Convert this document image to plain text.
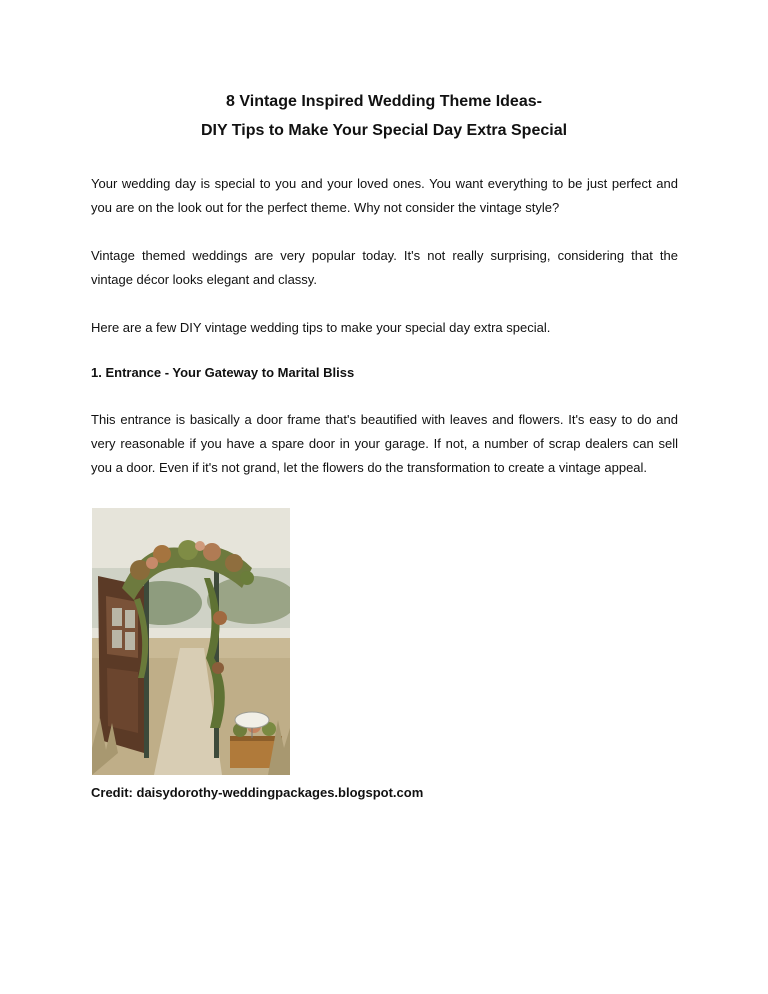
8 Vintage Inspired Wedding Theme Ideas-
DIY Tips to Make Your Special Day Extra Special

Your wedding day is special to you and your loved ones. You want everything to be just perfect and you are on the look out for the perfect theme. Why not consider the vintage style?

Vintage themed weddings are very popular today. It's not really surprising, considering that the vintage décor looks elegant and classy.

Here are a few DIY vintage wedding tips to make your special day extra special.

1. Entrance - Your Gateway to Marital Bliss

This entrance is basically a door frame that's beautified with leaves and flowers. It's easy to do and very reasonable if you have a spare door in your garage. If not, a number of scrap dealers can sell you a door. Even if it's not grand, let the flowers do the transformation to create a vintage appeal.

Credit: daisydorothy-weddingpackages.blogspot.com
